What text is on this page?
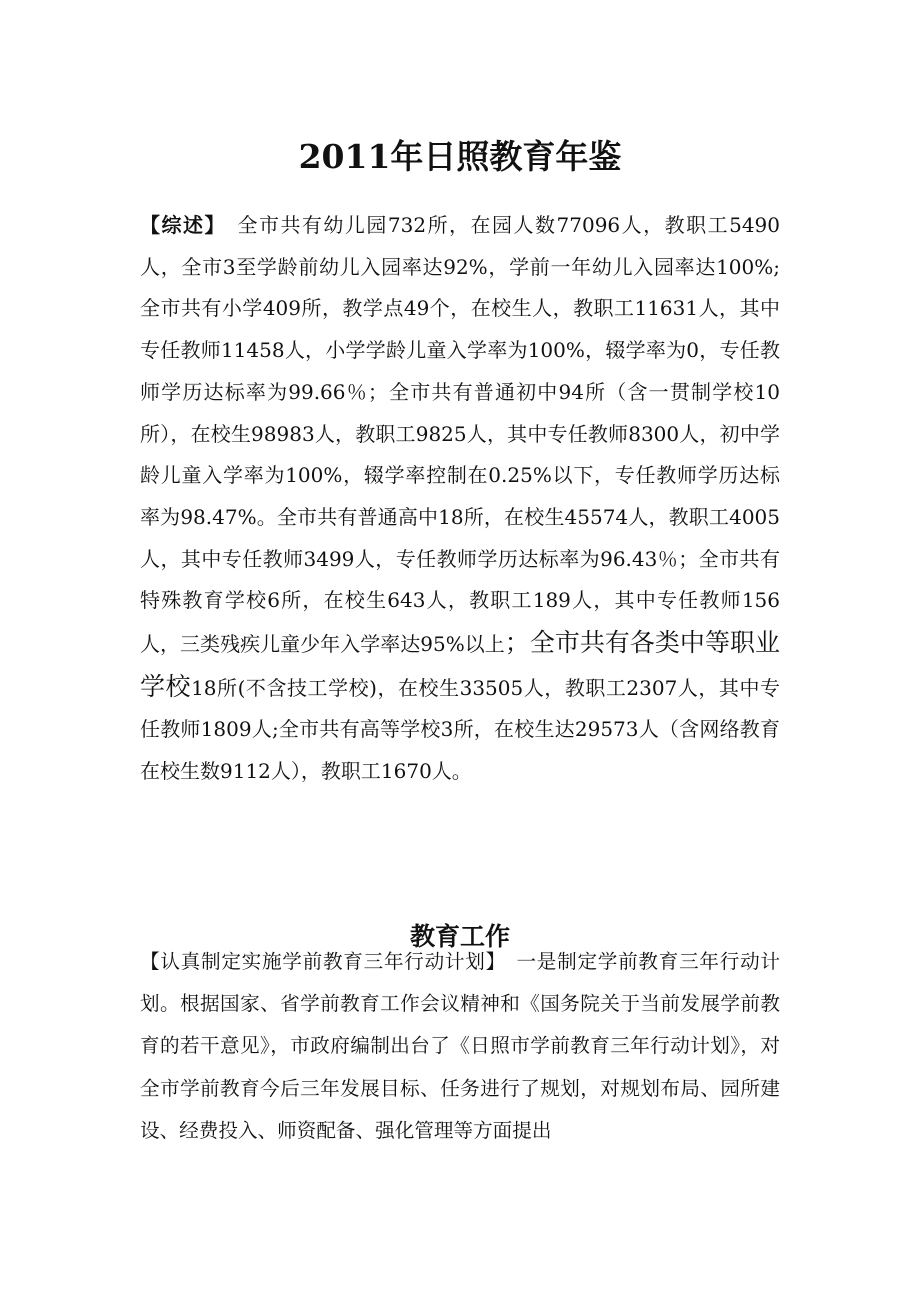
2011年日照教育年鉴

【综述】　全市共有幼儿园732所，在园人数77096人，教职工5490人，全市3至学龄前幼儿入园率达92%，学前一年幼儿入园率达100%;全市共有小学409所，教学点49个，在校生人，教职工11631人，其中专任教师11458人，小学学龄儿童入学率为100%，辍学率为0，专任教师学历达标率为99.66％；全市共有普通初中94所（含一贯制学校10所），在校生98983人，教职工9825人，其中专任教师8300人，初中学龄儿童入学率为100%，辍学率控制在0.25%以下，专任教师学历达标率为98.47%。全市共有普通高中18所，在校生45574人，教职工4005人，其中专任教师3499人，专任教师学历达标率为96.43％；全市共有特殊教育学校6所，在校生643人，教职工189人，其中专任教师156人，三类残疾儿童少年入学率达95%以上；全市共有各类中等职业学校18所(不含技工学校)，在校生33505人，教职工2307人，其中专任教师1809人;全市共有高等学校3所，在校生达29573人（含网络教育在校生数9112人），教职工1670人。

教育工作

【认真制定实施学前教育三年行动计划】　一是制定学前教育三年行动计划。根据国家、省学前教育工作会议精神和《国务院关于当前发展学前教育的若干意见》，市政府编制出台了《日照市学前教育三年行动计划》，对全市学前教育今后三年发展目标、任务进行了规划，对规划布局、园所建设、经费投入、师资配备、强化管理等方面提出
